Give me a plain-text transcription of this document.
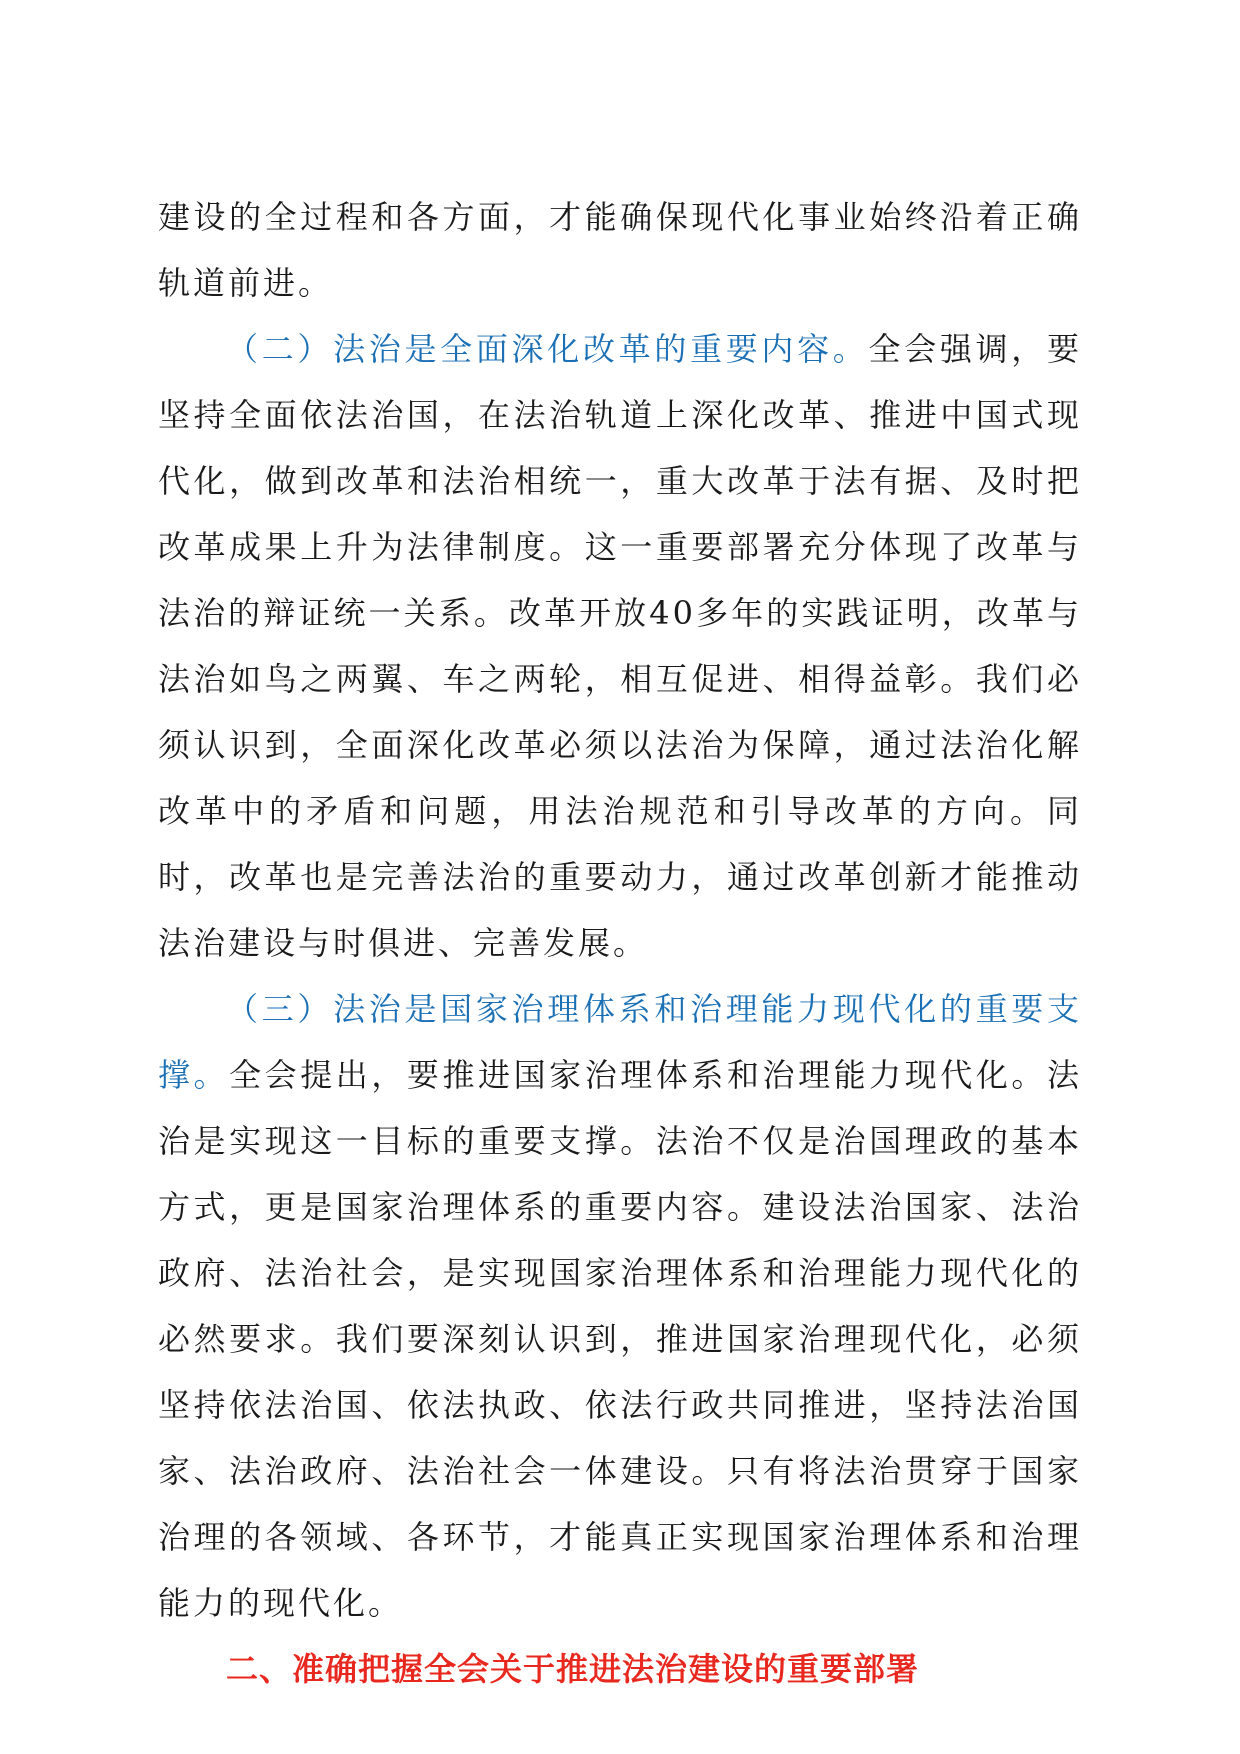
建设的全过程和各方面，才能确保现代化事业始终沿着正确轨道前进。

（二）法治是全面深化改革的重要内容。全会强调，要坚持全面依法治国，在法治轨道上深化改革、推进中国式现代化，做到改革和法治相统一，重大改革于法有据、及时把改革成果上升为法律制度。这一重要部署充分体现了改革与法治的辩证统一关系。改革开放40多年的实践证明，改革与法治如鸟之两翼、车之两轮，相互促进、相得益彰。我们必须认识到，全面深化改革必须以法治为保障，通过法治化解改革中的矛盾和问题，用法治规范和引导改革的方向。同时，改革也是完善法治的重要动力，通过改革创新才能推动法治建设与时俱进、完善发展。

（三）法治是国家治理体系和治理能力现代化的重要支撑。全会提出，要推进国家治理体系和治理能力现代化。法治是实现这一目标的重要支撑。法治不仅是治国理政的基本方式，更是国家治理体系的重要内容。建设法治国家、法治政府、法治社会，是实现国家治理体系和治理能力现代化的必然要求。我们要深刻认识到，推进国家治理现代化，必须坚持依法治国、依法执政、依法行政共同推进，坚持法治国家、法治政府、法治社会一体建设。只有将法治贯穿于国家治理的各领域、各环节，才能真正实现国家治理体系和治理能力的现代化。

二、准确把握全会关于推进法治建设的重要部署
